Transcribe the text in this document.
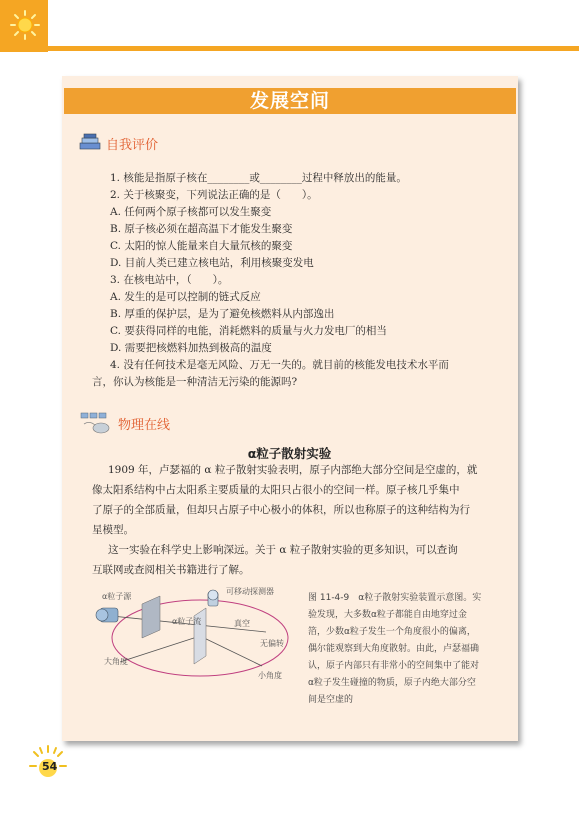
发展空间
自我评价
1. 核能是指原子核在________或________过程中释放出的能量。
2. 关于核聚变，下列说法正确的是（　　）。
A. 任何两个原子核都可以发生聚变
B. 原子核必须在超高温下才能发生聚变
C. 太阳的惊人能量来自大量氘核的聚变
D. 目前人类已建立核电站，利用核聚变发电
3. 在核电站中，（　　）。
A. 发生的是可以控制的链式反应
B. 厚重的保护层，是为了避免核燃料从内部逸出
C. 要获得同样的电能，消耗燃料的质量与火力发电厂的相当
D. 需要把核燃料加热到极高的温度
4. 没有任何技术是毫无风险、万无一失的。就目前的核能发电技术水平而
言，你认为核能是一种清洁无污染的能源吗?
物理在线
α粒子散射实验
1909 年，卢瑟福的 α 粒子散射实验表明，原子内部绝大部分空间是空虚的，就
像太阳系结构中占太阳系主要质量的太阳只占很小的空间一样。原子核几乎集中
了原子的全部质量，但却只占原子中心极小的体积，所以也称原子的这种结构为行
星模型。
这一实验在科学史上影响深远。关于 α 粒子散射实验的更多知识，可以查询
互联网或查阅相关书籍进行了解。
α粒子源
可移动探测器
α粒子流	真空
无偏转
大角度
小角度
图 11-4-9　α粒子散射实验装置示意图。实
验发现，大多数α粒子都能自由地穿过金
箔，少数α粒子发生一个角度很小的偏离，
偶尔能观察到大角度散射。由此，卢瑟福确
认，原子内部只有非常小的空间集中了能对
α粒子发生碰撞的物质，原子内绝大部分空
间是空虚的
54
